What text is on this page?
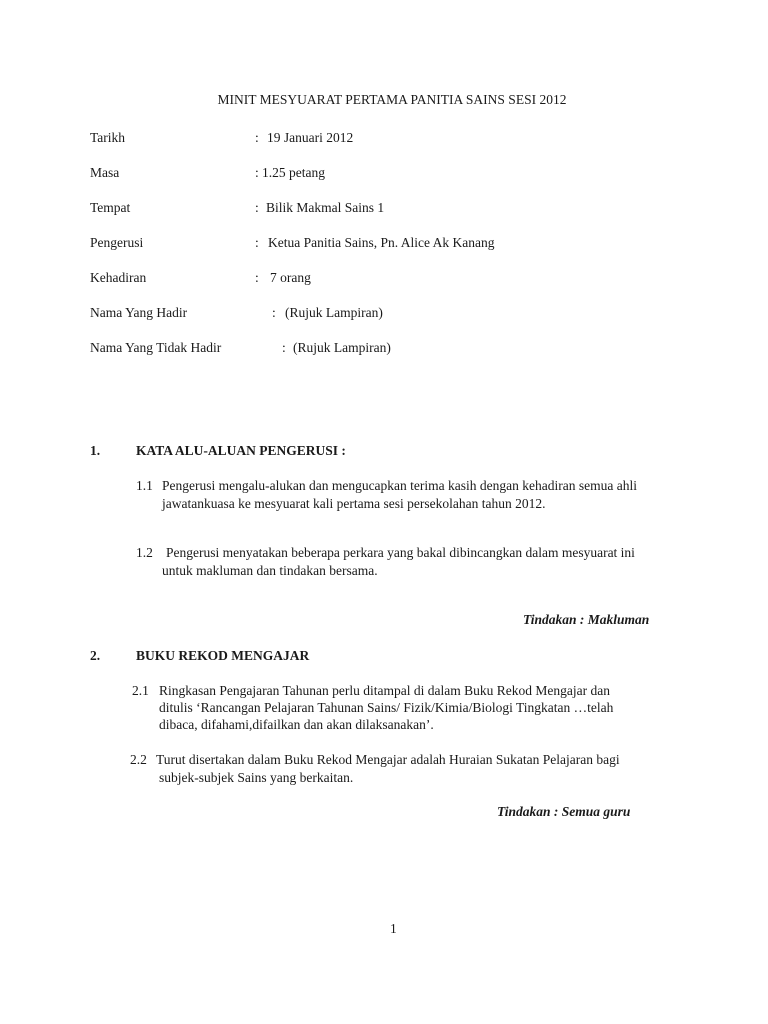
MINIT MESYUARAT PERTAMA PANITIA SAINS SESI 2012
Tarikh	: 19 Januari 2012
Masa	: 1.25 petang
Tempat	: Bilik Makmal Sains 1
Pengerusi	: Ketua Panitia Sains, Pn. Alice Ak Kanang
Kehadiran	: 7 orang
Nama Yang Hadir	: (Rujuk Lampiran)
Nama Yang Tidak Hadir	: (Rujuk Lampiran)
1.	KATA ALU-ALUAN PENGERUSI :
1.1 Pengerusi mengalu-alukan dan mengucapkan terima kasih dengan kehadiran semua ahli
jawatankuasa ke mesyuarat kali pertama sesi persekolahan tahun 2012.
1.2 Pengerusi menyatakan beberapa perkara yang bakal dibincangkan dalam mesyuarat ini
untuk makluman dan tindakan bersama.
Tindakan : Makluman
2.	BUKU REKOD MENGAJAR
2.1 Ringkasan Pengajaran Tahunan perlu ditampal di dalam Buku Rekod Mengajar dan
ditulis ‘Rancangan Pelajaran Tahunan Sains/ Fizik/Kimia/Biologi Tingkatan …telah
dibaca, difahami,difailkan dan akan dilaksanakan’.
2.2 Turut disertakan dalam Buku Rekod Mengajar adalah Huraian Sukatan Pelajaran bagi
subjek-subjek Sains yang berkaitan.
Tindakan : Semua guru
1
